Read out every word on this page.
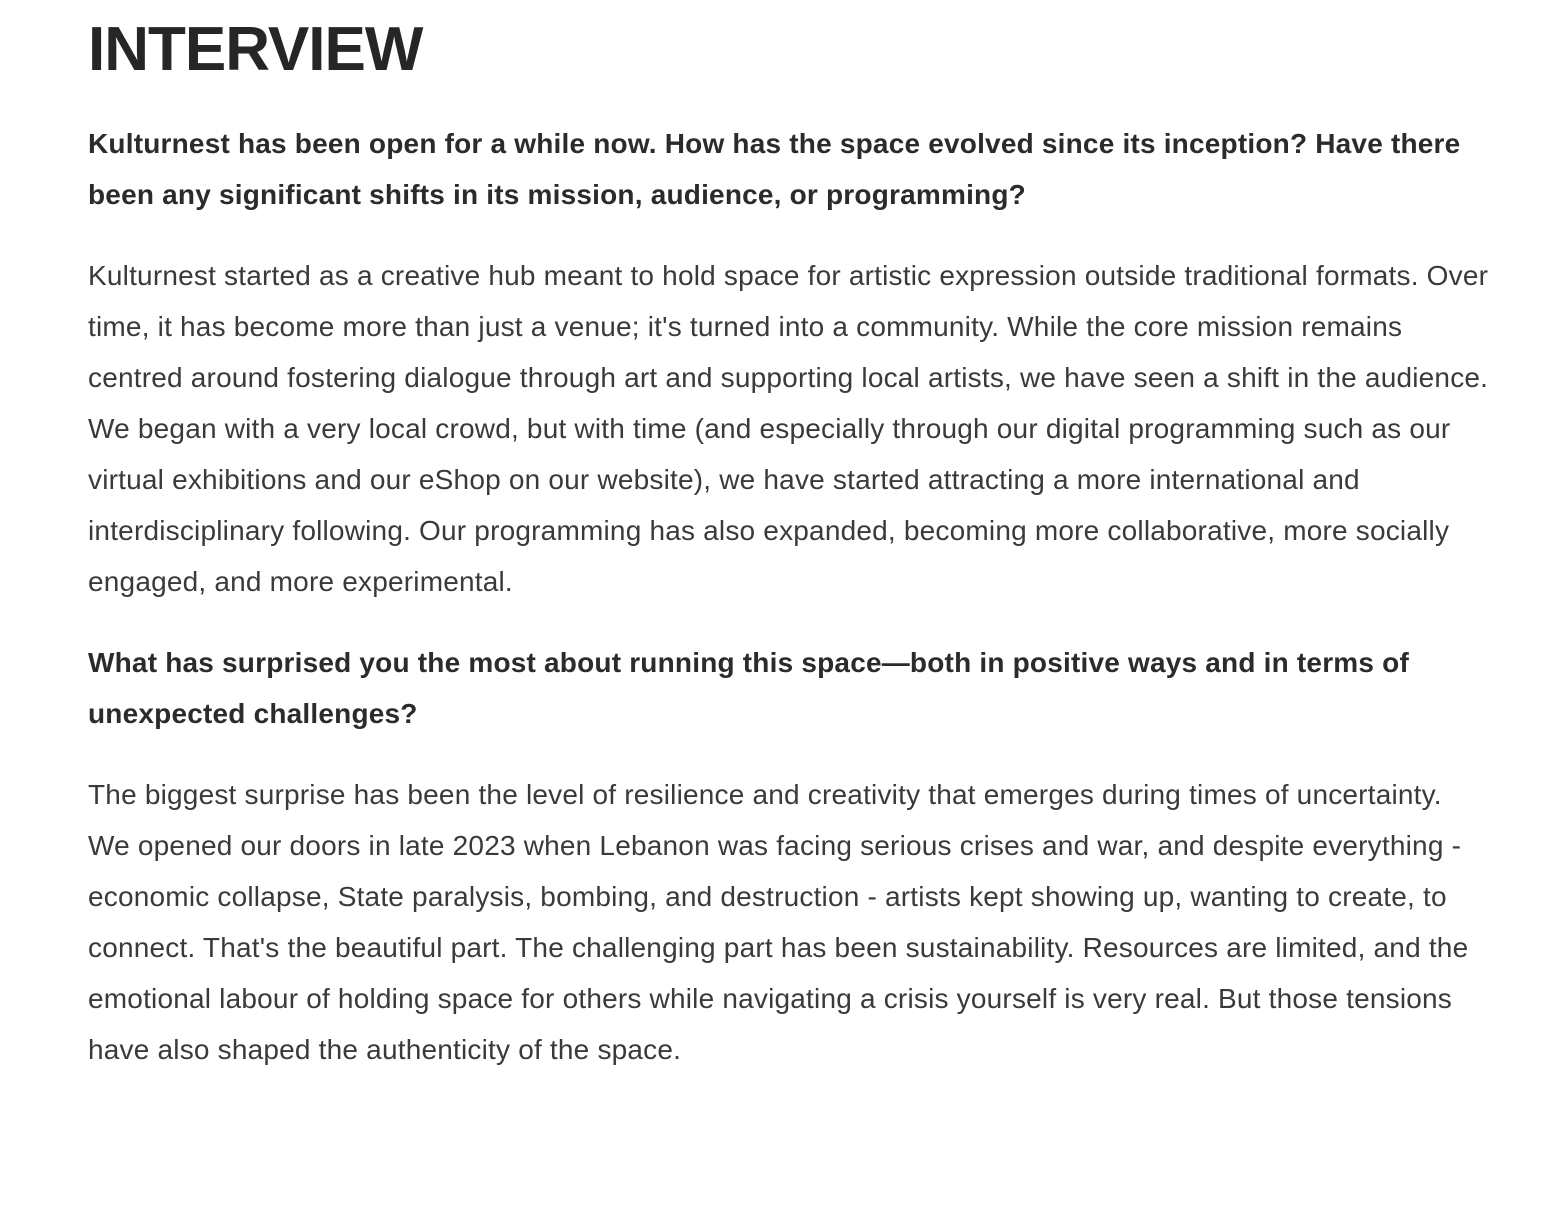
INTERVIEW

Kulturnest has been open for a while now. How has the space evolved since its inception? Have there been any significant shifts in its mission, audience, or programming?

Kulturnest started as a creative hub meant to hold space for artistic expression outside traditional formats. Over time, it has become more than just a venue; it's turned into a community. While the core mission remains centred around fostering dialogue through art and supporting local artists, we have seen a shift in the audience. We began with a very local crowd, but with time (and especially through our digital programming such as our virtual exhibitions and our eShop on our website), we have started attracting a more international and interdisciplinary following. Our programming has also expanded, becoming more collaborative, more socially engaged, and more experimental.

What has surprised you the most about running this space—both in positive ways and in terms of unexpected challenges?

The biggest surprise has been the level of resilience and creativity that emerges during times of uncertainty. We opened our doors in late 2023 when Lebanon was facing serious crises and war, and despite everything - economic collapse, State paralysis, bombing, and destruction - artists kept showing up, wanting to create, to connect. That's the beautiful part. The challenging part has been sustainability. Resources are limited, and the emotional labour of holding space for others while navigating a crisis yourself is very real. But those tensions have also shaped the authenticity of the space.
